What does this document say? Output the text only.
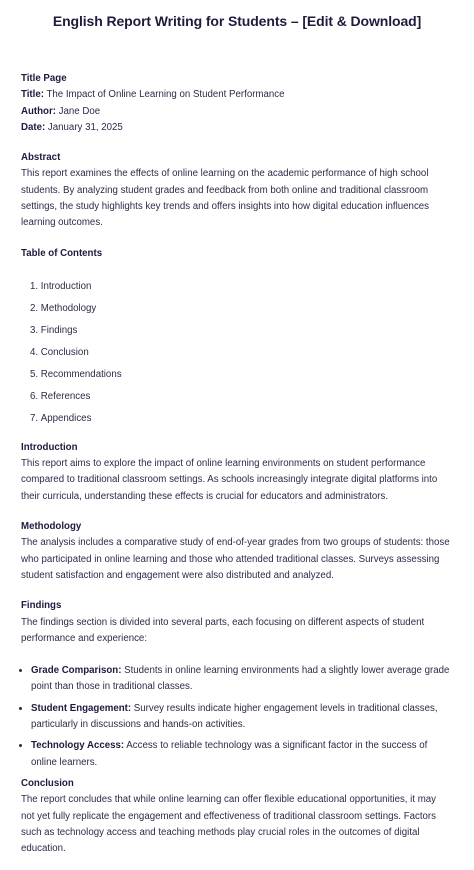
English Report Writing for Students – [Edit & Download]

Title Page

Title: The Impact of Online Learning on Student Performance

Author: Jane Doe

Date: January 31, 2025

Abstract

This report examines the effects of online learning on the academic performance of high school students. By analyzing student grades and feedback from both online and traditional classroom settings, the study highlights key trends and offers insights into how digital education influences learning outcomes.

Table of Contents

1. Introduction
2. Methodology
3. Findings
4. Conclusion
5. Recommendations
6. References
7. Appendices

Introduction

This report aims to explore the impact of online learning environments on student performance compared to traditional classroom settings. As schools increasingly integrate digital platforms into their curricula, understanding these effects is crucial for educators and administrators.

Methodology

The analysis includes a comparative study of end-of-year grades from two groups of students: those who participated in online learning and those who attended traditional classes. Surveys assessing student satisfaction and engagement were also distributed and analyzed.

Findings

The findings section is divided into several parts, each focusing on different aspects of student performance and experience:

• Grade Comparison: Students in online learning environments had a slightly lower average grade point than those in traditional classes.
• Student Engagement: Survey results indicate higher engagement levels in traditional classes, particularly in discussions and hands-on activities.
• Technology Access: Access to reliable technology was a significant factor in the success of online learners.

Conclusion

The report concludes that while online learning can offer flexible educational opportunities, it may not yet fully replicate the engagement and effectiveness of traditional classroom settings. Factors such as technology access and teaching methods play crucial roles in the outcomes of digital education.
